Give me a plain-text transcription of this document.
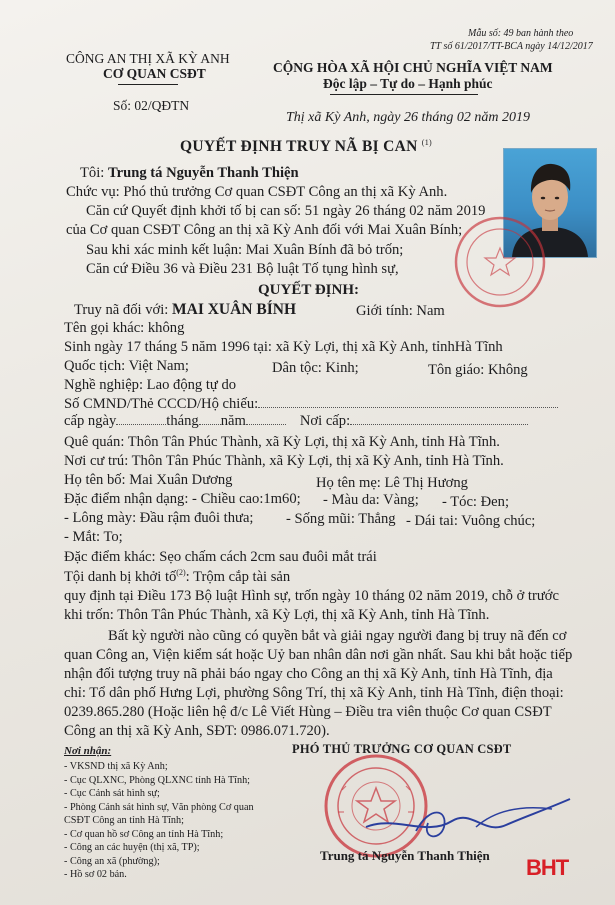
Mẫu số: 49 ban hành theo
TT số 61/2017/TT-BCA ngày 14/12/2017
CÔNG AN THỊ XÃ KỲ ANH
CƠ QUAN CSĐT
Số: 02/QĐTN
CỘNG HÒA XÃ HỘI CHỦ NGHĨA VIỆT NAM
Độc lập – Tự do – Hạnh phúc
Thị xã Kỳ Anh, ngày 26 tháng 02 năm 2019
QUYẾT ĐỊNH TRUY NÃ BỊ CAN $^{(1)}$
Tôi: Trung tá Nguyễn Thanh Thiện
Chức vụ: Phó thủ trưởng Cơ quan CSĐT Công an thị xã Kỳ Anh.
Căn cứ Quyết định khởi tố bị can số: 51 ngày 26 tháng 02 năm 2019
của Cơ quan CSĐT Công an thị xã Kỳ Anh đối với Mai Xuân Bính;
Sau khi xác minh kết luận: Mai Xuân Bính đã bỏ trốn;
Căn cứ Điều 36 và Điều 231 Bộ luật Tố tụng hình sự,
QUYẾT ĐỊNH:
Truy nã đối với: MAI XUÂN BÍNH	Giới tính: Nam
Tên gọi khác: không
Sinh ngày 17 tháng 5 năm 1996 tại: xã Kỳ Lợi, thị xã Kỳ Anh, tỉnhHà Tĩnh
Quốc tịch: Việt Nam;	Dân tộc: Kinh;	Tôn giáo: Không
Nghề nghiệp: Lao động tự do
Số CMND/Thẻ CCCD/Hộ chiếu:
cấp ngày	tháng năm	Nơi cấp:
Quê quán: Thôn Tân Phúc Thành, xã Kỳ Lợi, thị xã Kỳ Anh, tỉnh Hà Tĩnh.
Nơi cư trú: Thôn Tân Phúc Thành, xã Kỳ Lợi, thị xã Kỳ Anh, tỉnh Hà Tĩnh.
Họ tên bố: Mai Xuân Dương	Họ tên mẹ: Lê Thị Hương
Đặc điểm nhận dạng: - Chiều cao:1m60; - Màu da: Vàng; - Tóc: Đen;
- Lông mày: Đầu rậm đuôi thưa; - Sống mũi: Thẳng - Dái tai: Vuông chúc;
- Mắt: To;
Đặc điểm khác: Sẹo chấm cách 2cm sau đuôi mắt trái
Tội danh bị khởi tố$^{(2)}$: Trộm cắp tài sản
quy định tại Điều 173 Bộ luật Hình sự, trốn ngày 10 tháng 02 năm 2019, chỗ ở trước
khi trốn: Thôn Tân Phúc Thành, xã Kỳ Lợi, thị xã Kỳ Anh, tỉnh Hà Tĩnh.
Bất kỳ người nào cũng có quyền bắt và giải ngay người đang bị truy nã đến cơ
quan Công an, Viện kiểm sát hoặc Uỷ ban nhân dân nơi gần nhất. Sau khi bắt hoặc tiếp
nhận đối tượng truy nã phải báo ngay cho Công an thị xã Kỳ Anh, tỉnh Hà Tĩnh, địa
chỉ: Tổ dân phố Hưng Lợi, phường Sông Trí, thị xã Kỳ Anh, tỉnh Hà Tĩnh, điện thoại:
0239.865.280 (Hoặc liên hệ đ/c Lê Viết Hùng – Điều tra viên thuộc Cơ quan CSĐT
Công an thị xã Kỳ Anh, SĐT: 0986.071.720).
Nơi nhận:
- VKSND thị xã Kỳ Anh;
- Cục QLXNC, Phòng QLXNC tỉnh Hà Tĩnh;
- Cục Cảnh sát hình sự;
- Phòng Cảnh sát hình sự, Văn phòng Cơ quan
CSĐT Công an tỉnh Hà Tĩnh;
- Cơ quan hồ sơ Công an tỉnh Hà Tĩnh;
- Công an các huyện (thị xã, TP);
- Công an xã (phường);
- Hồ sơ 02 bản.
PHÓ THỦ TRƯỞNG CƠ QUAN CSĐT
Trung tá Nguyễn Thanh Thiện BHT
